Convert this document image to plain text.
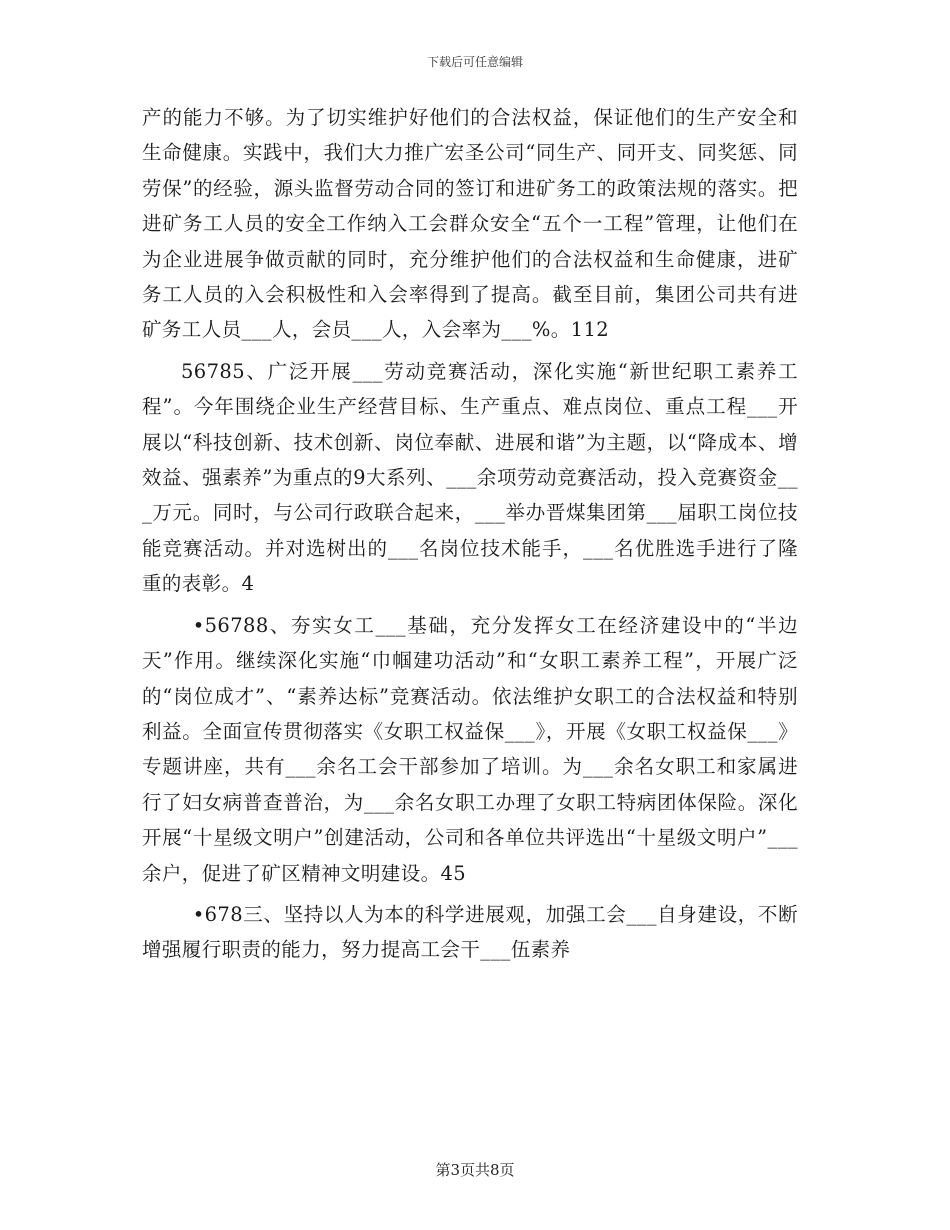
下载后可任意编辑

产的能力不够。为了切实维护好他们的合法权益，保证他们的生产安全和生命健康。实践中，我们大力推广宏圣公司“同生产、同开支、同奖惩、同劳保”的经验，源头监督劳动合同的签订和进矿务工的政策法规的落实。把进矿务工人员的安全工作纳入工会群众安全“五个一工程”管理，让他们在为企业进展争做贡献的同时，充分维护他们的合法权益和生命健康，进矿务工人员的入会积极性和入会率得到了提高。截至目前，集团公司共有进矿务工人员___人，会员___人，入会率为___%。112

56785、广泛开展___劳动竞赛活动，深化实施“新世纪职工素养工程”。今年围绕企业生产经营目标、生产重点、难点岗位、重点工程___开展以“科技创新、技术创新、岗位奉献、进展和谐”为主题，以“降成本、增效益、强素养”为重点的9大系列、___余项劳动竞赛活动，投入竞赛资金___万元。同时，与公司行政联合起来，___举办晋煤集团第___届职工岗位技能竞赛活动。并对选树出的___名岗位技术能手，___名优胜选手进行了隆重的表彰。4

•56788、夯实女工___基础，充分发挥女工在经济建设中的“半边天”作用。继续深化实施“巾帼建功活动”和“女职工素养工程”，开展广泛的“岗位成才”、“素养达标”竞赛活动。依法维护女职工的合法权益和特别利益。全面宣传贯彻落实《女职工权益保___》，开展《女职工权益保___》专题讲座，共有___余名工会干部参加了培训。为___余名女职工和家属进行了妇女病普查普治，为___余名女职工办理了女职工特病团体保险。深化开展“十星级文明户”创建活动，公司和各单位共评选出“十星级文明户”___余户，促进了矿区精神文明建设。45

•678三、坚持以人为本的科学进展观，加强工会___自身建设，不断增强履行职责的能力，努力提高工会干___伍素养

第3页共8页
